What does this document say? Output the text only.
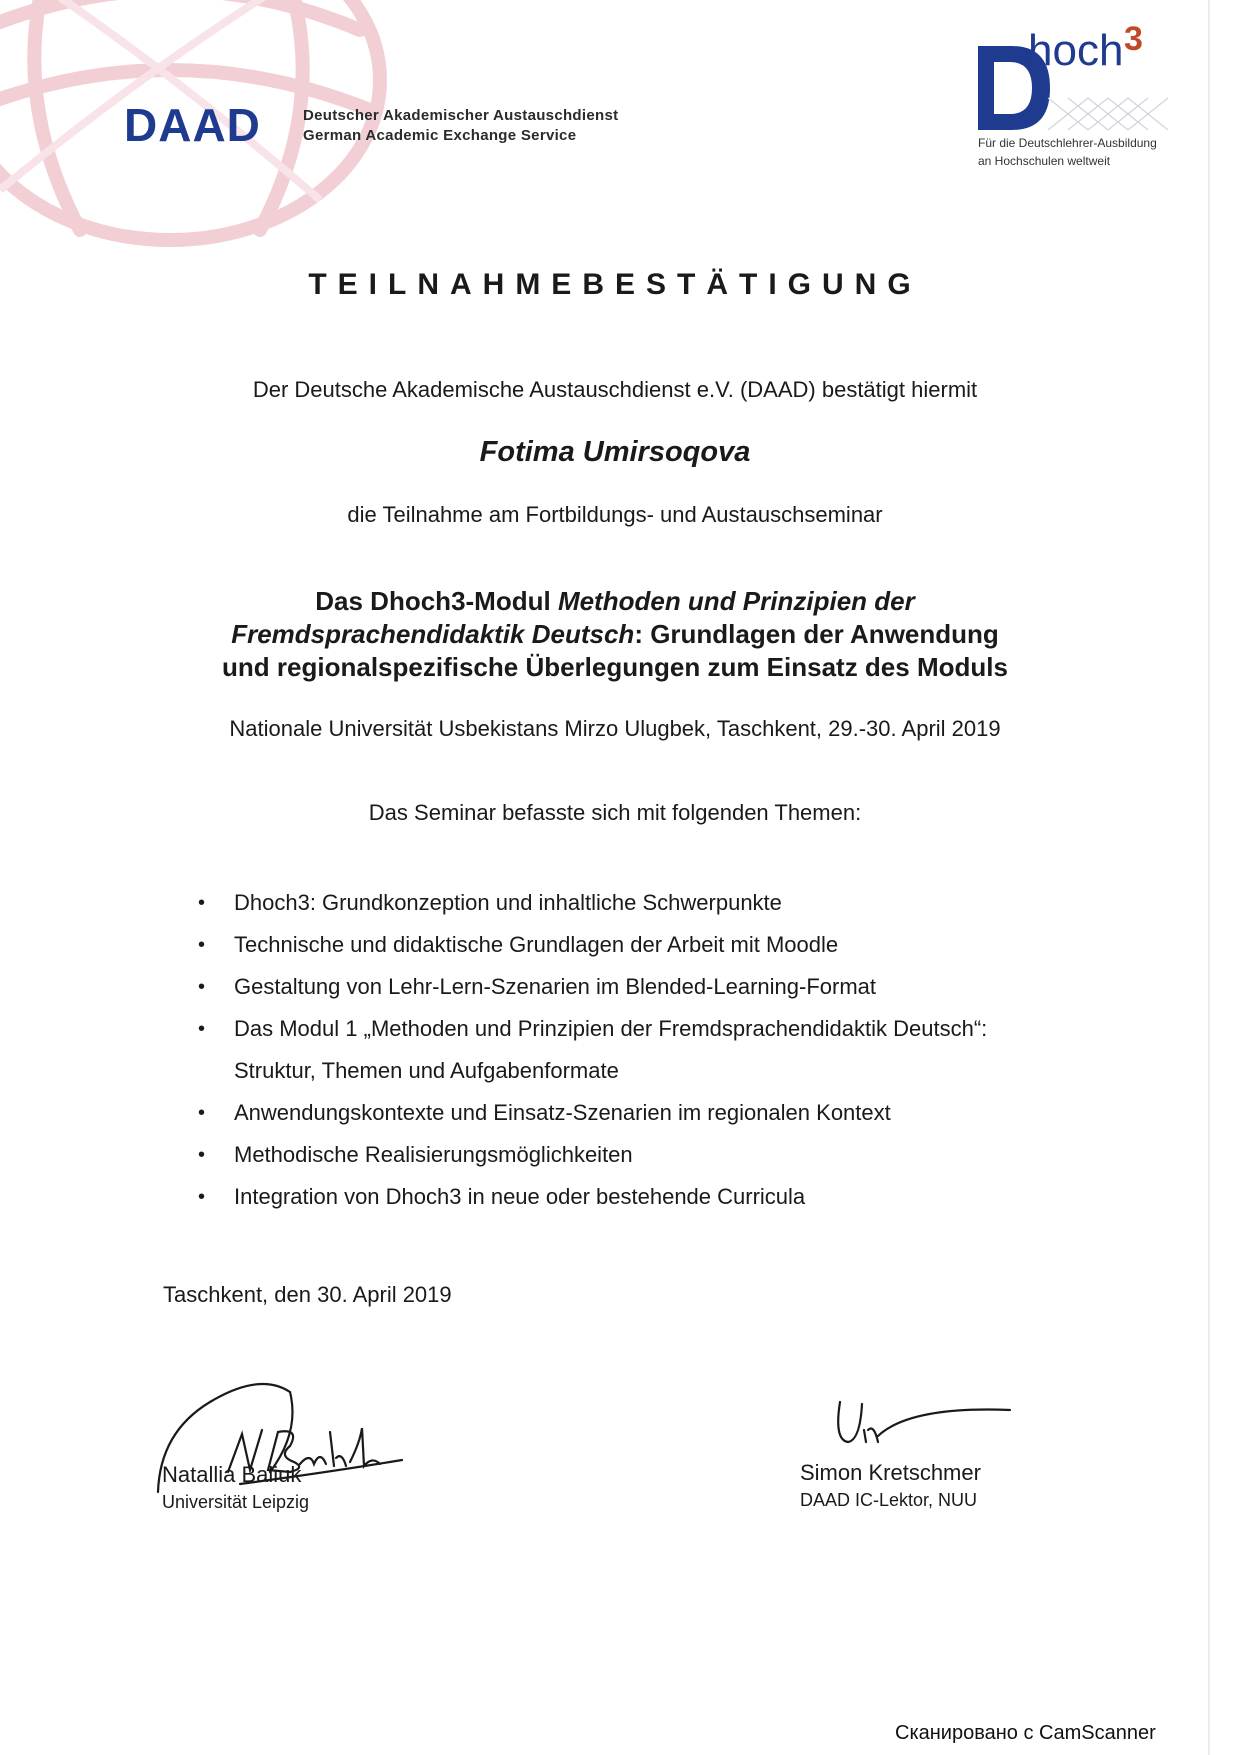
DAAD	Deutscher Akademischer Austauschdienst
German Academic Exchange Service
hoch 3
Für die Deutschlehrer-Ausbildung
an Hochschulen weltweit
TEILNAHMEBESTÄTIGUNG
Der Deutsche Akademische Austauschdienst e.V. (DAAD) bestätigt hiermit
Fotima Umirsoqova
die Teilnahme am Fortbildungs- und Austauschseminar
Das Dhoch3-Modul Methoden und Prinzipien der Fremdsprachendidaktik Deutsch: Grundlagen der Anwendung und regionalspezifische Überlegungen zum Einsatz des Moduls
Nationale Universität Usbekistans Mirzo Ulugbek, Taschkent, 29.-30. April 2019
Das Seminar befasste sich mit folgenden Themen:
• Dhoch3: Grundkonzeption und inhaltliche Schwerpunkte
• Technische und didaktische Grundlagen der Arbeit mit Moodle
• Gestaltung von Lehr-Lern-Szenarien im Blended-Learning-Format
• Das Modul 1 „Methoden und Prinzipien der Fremdsprachendidaktik Deutsch“:
Struktur, Themen und Aufgabenformate
• Anwendungskontexte und Einsatz-Szenarien im regionalen Kontext
• Methodische Realisierungsmöglichkeiten
• Integration von Dhoch3 in neue oder bestehende Curricula
Taschkent, den 30. April 2019
Natallia Baliuk
Universität Leipzig
Simon Kretschmer
DAAD IC-Lektor, NUU
Сканировано с CamScanner
